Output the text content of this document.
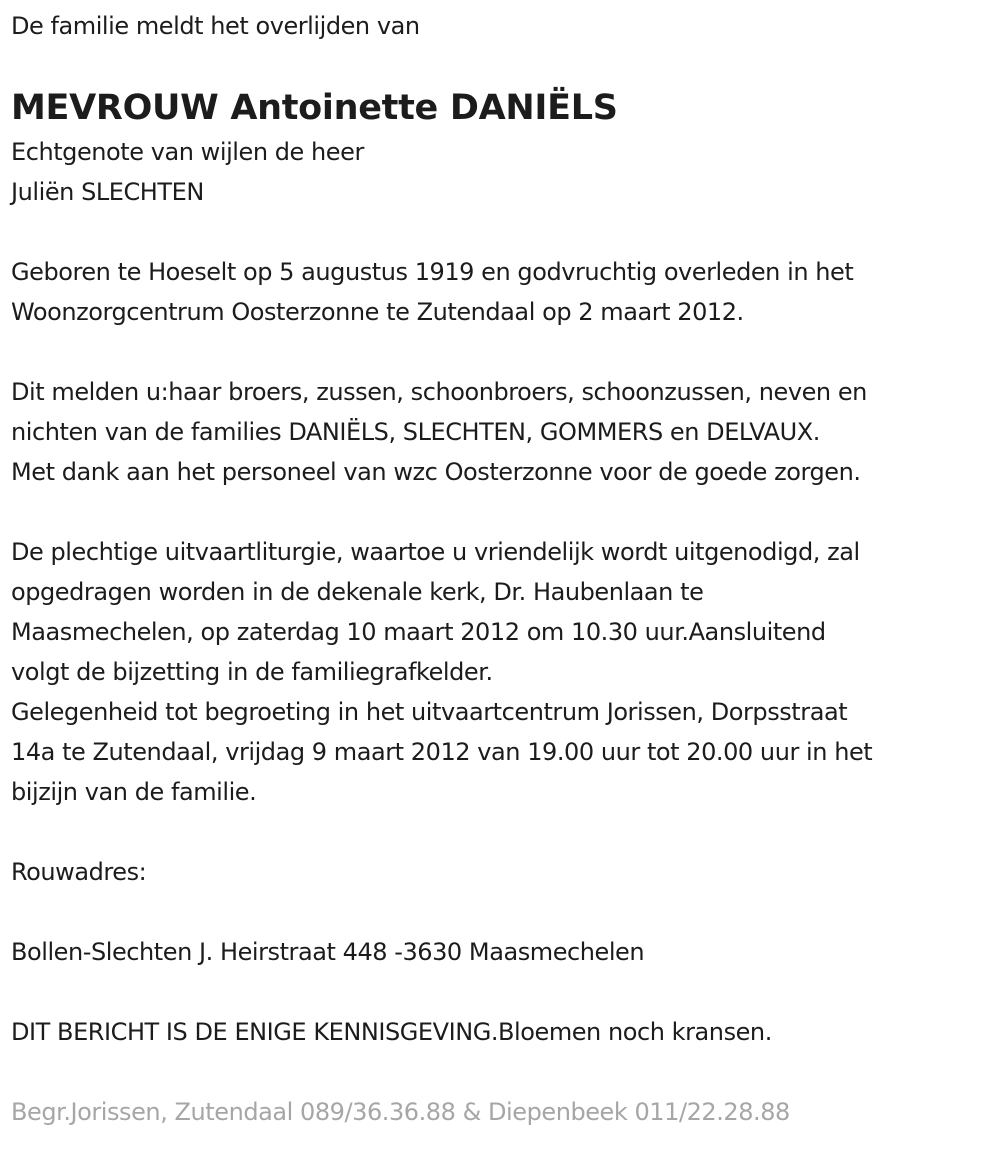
De familie meldt het overlijden van

MEVROUW Antoinette DANIËLS

Echtgenote van wijlen de heer

Juliën SLECHTEN

Geboren te Hoeselt op 5 augustus 1919 en godvruchtig overleden in het

Woonzorgcentrum Oosterzonne te Zutendaal op 2 maart 2012.

Dit melden u:haar broers, zussen, schoonbroers, schoonzussen, neven en

nichten van de families DANIËLS, SLECHTEN, GOMMERS en DELVAUX.

Met dank aan het personeel van wzc Oosterzonne voor de goede zorgen.

De plechtige uitvaartliturgie, waartoe u vriendelijk wordt uitgenodigd, zal

opgedragen worden in de dekenale kerk, Dr. Haubenlaan te

Maasmechelen, op zaterdag 10 maart 2012 om 10.30 uur.Aansluitend

volgt de bijzetting in de familiegrafkelder.

Gelegenheid tot begroeting in het uitvaartcentrum Jorissen, Dorpsstraat

14a te Zutendaal, vrijdag 9 maart 2012 van 19.00 uur tot 20.00 uur in het

bijzijn van de familie.

Rouwadres:

Bollen-Slechten J. Heirstraat 448 -3630 Maasmechelen

DIT BERICHT IS DE ENIGE KENNISGEVING.Bloemen noch kransen.

Begr.Jorissen, Zutendaal 089/36.36.88 & Diepenbeek 011/22.28.88
